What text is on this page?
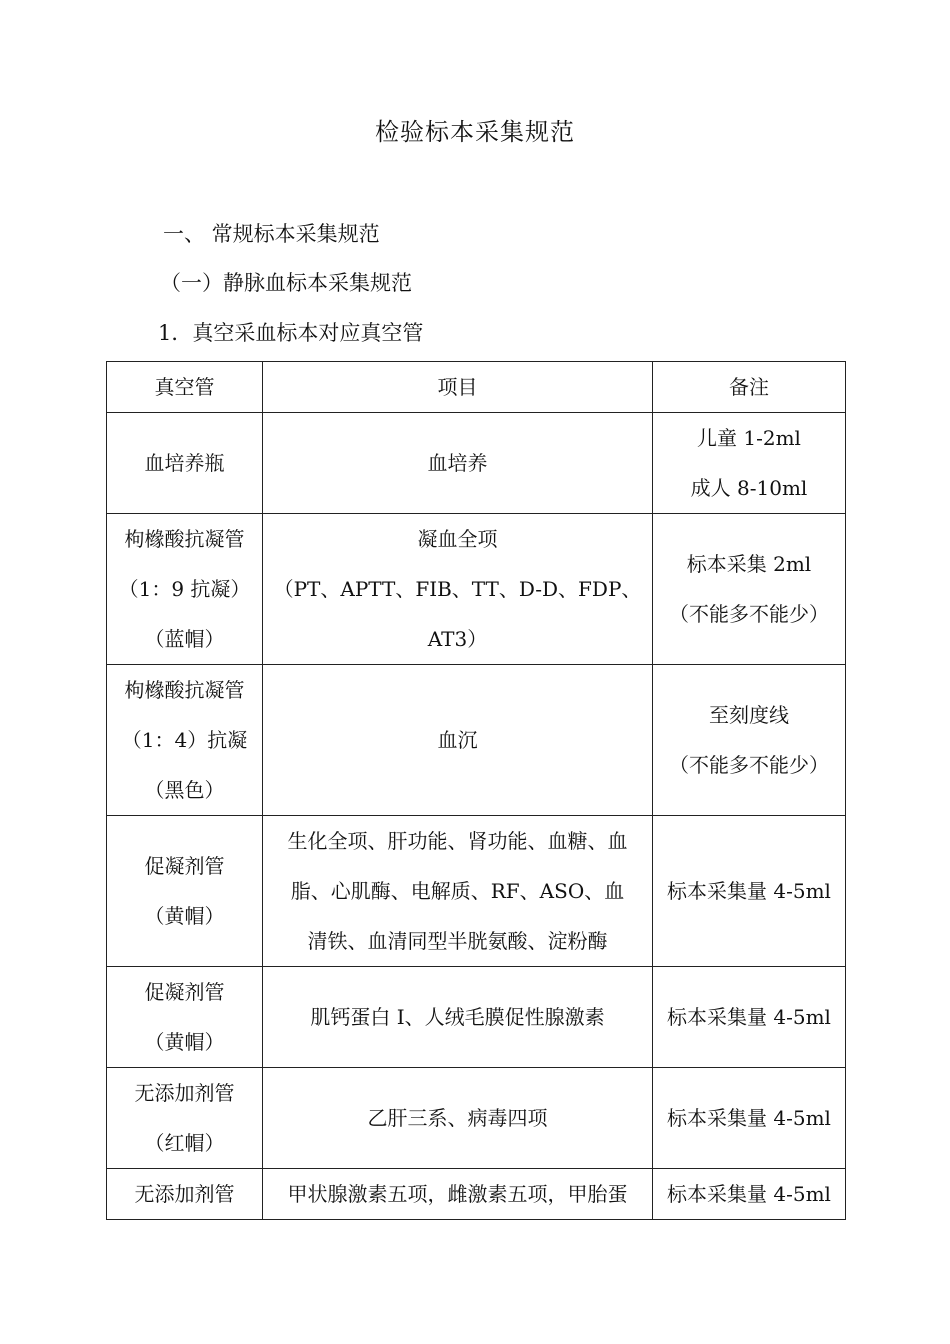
检验标本采集规范
一、 常规标本采集规范
（一）静脉血标本采集规范
1．真空采血标本对应真空管
真空管	项目	备注

血培养瓶	血培养	儿童 1-2ml
成人 8-10ml

枸橼酸抗凝管
（1：9 抗凝）
（蓝帽）	凝血全项
（PT、APTT、FIB、TT、D-D、FDP、
AT3）	标本采集 2ml
（不能多不能少）

枸橼酸抗凝管
（1：4）抗凝
（黑色）	血沉	至刻度线
（不能多不能少）

促凝剂管
（黄帽）	生化全项、肝功能、肾功能、血糖、血
脂、心肌酶、电解质、RF、ASO、血
清铁、血清同型半胱氨酸、淀粉酶	标本采集量 4-5ml

促凝剂管
（黄帽）	肌钙蛋白 I、人绒毛膜促性腺激素	标本采集量 4-5ml

无添加剂管
（红帽）	乙肝三系、病毒四项	标本采集量 4-5ml

无添加剂管	甲状腺激素五项，雌激素五项，甲胎蛋	标本采集量 4-5ml
